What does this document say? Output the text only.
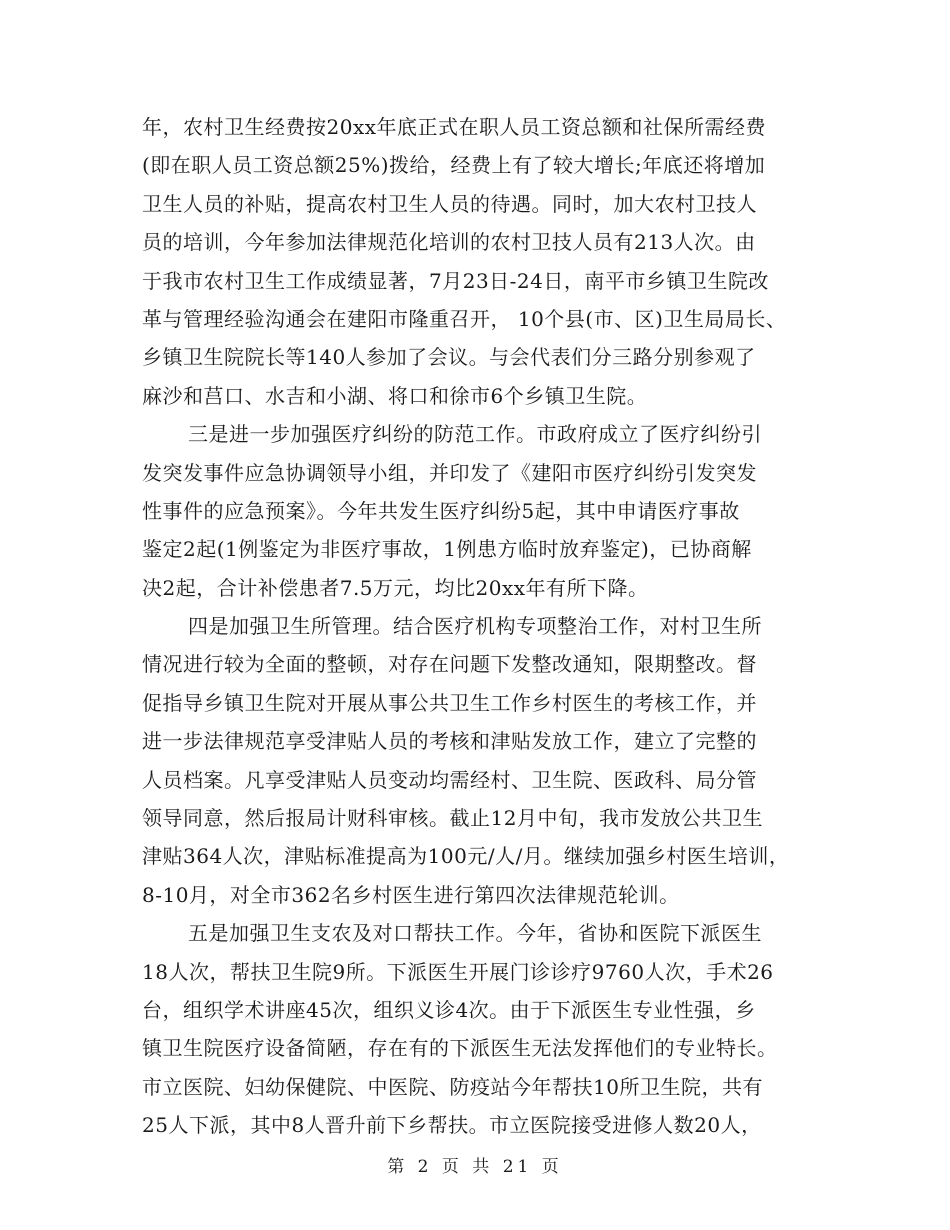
年，农村卫生经费按20xx年底正式在职人员工资总额和社保所需经费
(即在职人员工资总额25%)拨给，经费上有了较大增长;年底还将增加
卫生人员的补贴，提高农村卫生人员的待遇。同时，加大农村卫技人
员的培训，今年参加法律规范化培训的农村卫技人员有213人次。由
于我市农村卫生工作成绩显著，7月23日-24日，南平市乡镇卫生院改
革与管理经验沟通会在建阳市隆重召开， 10个县(市、区)卫生局局长、
乡镇卫生院院长等140人参加了会议。与会代表们分三路分别参观了
麻沙和莒口、水吉和小湖、将口和徐市6个乡镇卫生院。
三是进一步加强医疗纠纷的防范工作。市政府成立了医疗纠纷引
发突发事件应急协调领导小组，并印发了《建阳市医疗纠纷引发突发
性事件的应急预案》。今年共发生医疗纠纷5起，其中申请医疗事故
鉴定2起(1例鉴定为非医疗事故，1例患方临时放弃鉴定)，已协商解
决2起，合计补偿患者7.5万元，均比20xx年有所下降。
四是加强卫生所管理。结合医疗机构专项整治工作，对村卫生所
情况进行较为全面的整顿，对存在问题下发整改通知，限期整改。督
促指导乡镇卫生院对开展从事公共卫生工作乡村医生的考核工作，并
进一步法律规范享受津贴人员的考核和津贴发放工作，建立了完整的
人员档案。凡享受津贴人员变动均需经村、卫生院、医政科、局分管
领导同意，然后报局计财科审核。截止12月中旬，我市发放公共卫生
津贴364人次，津贴标准提高为100元/人/月。继续加强乡村医生培训，
8-10月，对全市362名乡村医生进行第四次法律规范轮训。
五是加强卫生支农及对口帮扶工作。今年，省协和医院下派医生
18人次，帮扶卫生院9所。下派医生开展门诊诊疗9760人次，手术26
台，组织学术讲座45次，组织义诊4次。由于下派医生专业性强，乡
镇卫生院医疗设备简陋，存在有的下派医生无法发挥他们的专业特长。
市立医院、妇幼保健院、中医院、防疫站今年帮扶10所卫生院，共有
25人下派，其中8人晋升前下乡帮扶。市立医院接受进修人数20人，
第 2 页 共 21 页
